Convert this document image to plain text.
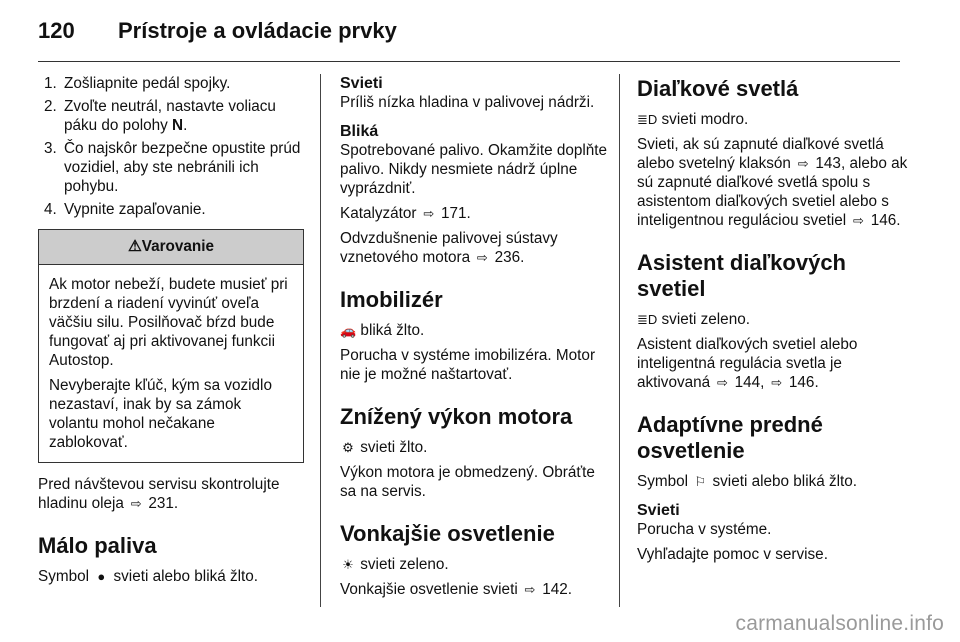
120 Prístroje a ovládacie prvky
1. Zošliapnite pedál spojky.
2. Zvoľte neutrál, nastavte voliacu páku do polohy N.
3. Čo najskôr bezpečne opustite prúd vozidiel, aby ste nebránili ich pohybu.
4. Vypnite zapaľovanie.
⚠Varovanie

Ak motor nebeží, budete musieť pri brzdení a riadení vyvinúť oveľa väčšiu silu. Posilňovač bŕzd bude fungovať aj pri aktivovanej funkcii Autostop.

Nevyberajte kľúč, kým sa vozidlo nezastaví, inak by sa zámok volantu mohol nečakane zablokovať.

Pred návštevou servisu skontrolujte hladinu oleja ⇨ 231.

Málo paliva

Symbol ● svieti alebo bliká žlto.

Svieti

Príliš nízka hladina v palivovej nádrži.

Bliká

Spotrebované palivo. Okamžite doplňte palivo. Nikdy nesmiete nádrž úplne vyprázdniť.

Katalyzátor ⇨ 171.

Odvzdušnenie palivovej sústavy vznetového motora ⇨ 236.

Imobilizér

🚗 bliká žlto.

Porucha v systéme imobilizéra. Motor nie je možné naštartovať.

Znížený výkon motora

⚙ svieti žlto.

Výkon motora je obmedzený. Obráťte sa na servis.

Vonkajšie osvetlenie

☀ svieti zeleno.

Vonkajšie osvetlenie svieti ⇨ 142.

Diaľkové svetlá

≣D svieti modro.

Svieti, ak sú zapnuté diaľkové svetlá alebo svetelný klaksón ⇨ 143, alebo ak sú zapnuté diaľkové svetlá spolu s asistentom diaľkových svetiel alebo s inteligentnou reguláciou svetiel ⇨ 146.

Asistent diaľkových svetiel

≣D svieti zeleno.

Asistent diaľkových svetiel alebo inteligentná regulácia svetla je aktivovaná ⇨ 144, ⇨ 146.

Adaptívne predné osvetlenie

Symbol ⚐ svieti alebo bliká žlto.

Svieti

Porucha v systéme.

Vyhľadajte pomoc v servise.

carmanualsonline.info
